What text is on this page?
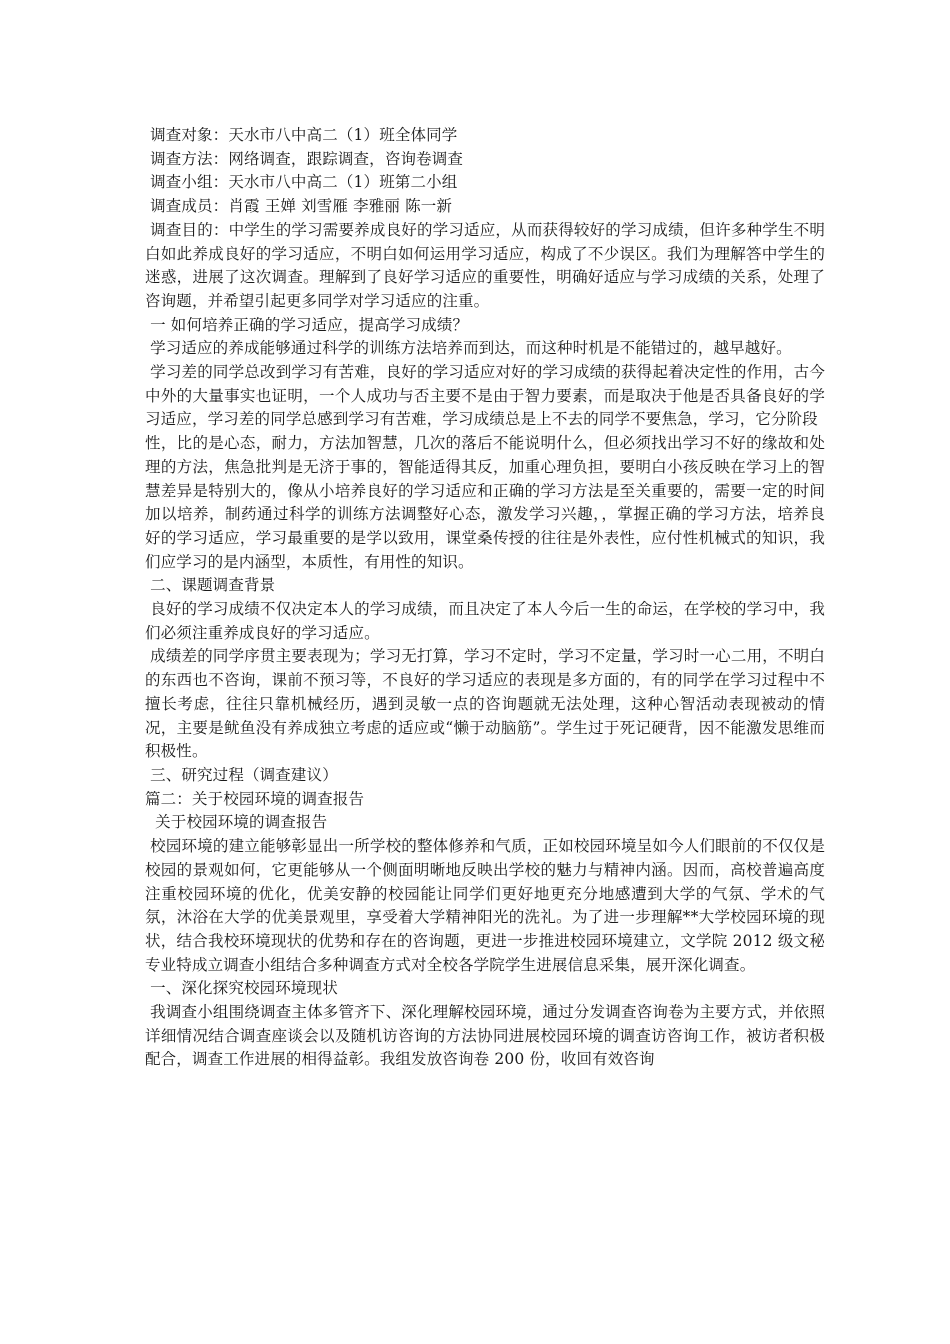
调查对象：天水市八中高二（1）班全体同学

调查方法：网络调查，跟踪调查，咨询卷调查

调查小组：天水市八中高二（1）班第二小组

调查成员：肖霞 王婵 刘雪雁 李雅丽 陈一新

调查目的：中学生的学习需要养成良好的学习适应，从而获得较好的学习成绩，但许多种学生不明白如此养成良好的学习适应，不明白如何运用学习适应，构成了不少误区。我们为理解答中学生的迷惑，进展了这次调查。理解到了良好学习适应的重要性，明确好适应与学习成绩的关系，处理了咨询题，并希望引起更多同学对学习适应的注重。

一 如何培养正确的学习适应，提高学习成绩？

学习适应的养成能够通过科学的训练方法培养而到达，而这种时机是不能错过的，越早越好。

学习差的同学总改到学习有苦难，良好的学习适应对好的学习成绩的获得起着决定性的作用，古今中外的大量事实也证明，一个人成功与否主要不是由于智力要素，而是取决于他是否具备良好的学习适应，学习差的同学总感到学习有苦难，学习成绩总是上不去的同学不要焦急，学习，它分阶段

性，比的是心态，耐力，方法加智慧，几次的落后不能说明什么，但必须找出学习不好的缘故和处理的方法，焦急批判是无济于事的，智能适得其反，加重心理负担，要明白小孩反映在学习上的智慧差异是特别大的，像从小培养良好的学习适应和正确的学习方法是至关重要的，需要一定的时间加以培养，制药通过科学的训练方法调整好心态，激发学习兴趣，，掌握正确的学习方法，培养良好的学习适应，学习最重要的是学以致用，课堂桑传授的往往是外表性，应付性机械式的知识，我们应学习的是内涵型，本质性，有用性的知识。

二、课题调查背景

良好的学习成绩不仅决定本人的学习成绩，而且决定了本人今后一生的命运，在学校的学习中，我们必须注重养成良好的学习适应。

成绩差的同学序贯主要表现为；学习无打算，学习不定时，学习不定量，学习时一心二用，不明白的东西也不咨询，课前不预习等，不良好的学习适应的表现是多方面的，有的同学在学习过程中不擅长考虑，往往只靠机械经历，遇到灵敏一点的咨询题就无法处理，这种心智活动表现被动的情况，主要是鱿鱼没有养成独立考虑的适应或“懒于动脑筋”。学生过于死记硬背，因不能激发思维而积极性。

三、研究过程（调查建议）

篇二：关于校园环境的调查报告

关于校园环境的调查报告

校园环境的建立能够彰显出一所学校的整体修养和气质，正如校园环境呈如今人们眼前的不仅仅是校园的景观如何，它更能够从一个侧面明晰地反映出学校的魅力与精神内涵。因而，高校普遍高度注重校园环境的优化，优美安静的校园能让同学们更好地更充分地感遭到大学的气氛、学术的气氛，沐浴在大学的优美景观里，享受着大学精神阳光的洗礼。为了进一步理解**大学校园环境的现状，结合我校环境现状的优势和存在的咨询题，更进一步推进校园环境建立，文学院 2012 级文秘专业特成立调查小组结合多种调查方式对全校各学院学生进展信息采集，展开深化调查。

一、深化探究校园环境现状

我调查小组围绕调查主体多管齐下、深化理解校园环境，通过分发调查咨询卷为主要方式，并依照详细情况结合调查座谈会以及随机访咨询的方法协同进展校园环境的调查访咨询工作，被访者积极配合，调查工作进展的相得益彰。我组发放咨询卷 200 份，收回有效咨询
